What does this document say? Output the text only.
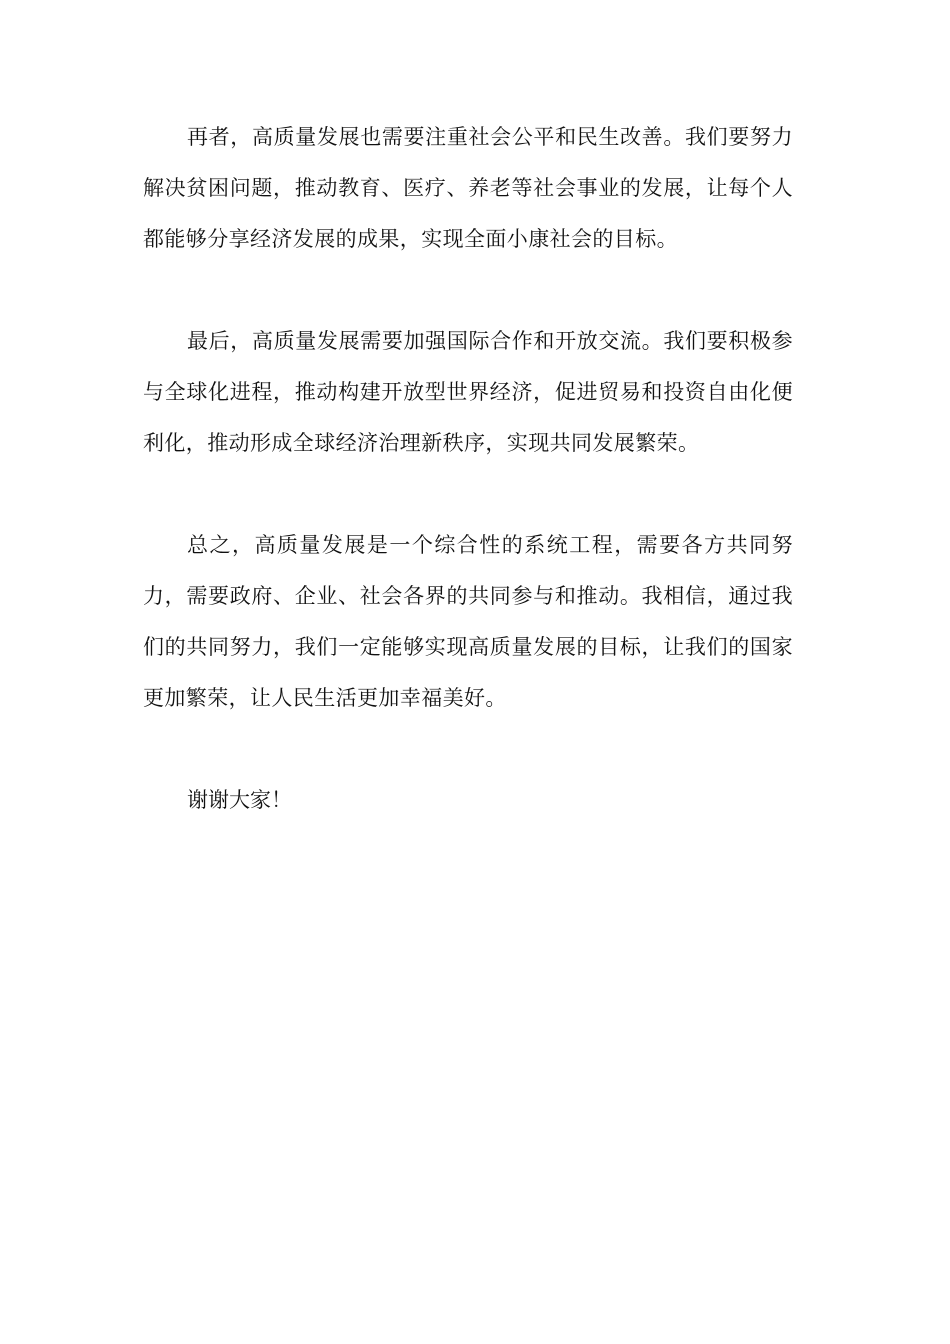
再者，高质量发展也需要注重社会公平和民生改善。我们要努力解决贫困问题，推动教育、医疗、养老等社会事业的发展，让每个人都能够分享经济发展的成果，实现全面小康社会的目标。

最后，高质量发展需要加强国际合作和开放交流。我们要积极参与全球化进程，推动构建开放型世界经济，促进贸易和投资自由化便利化，推动形成全球经济治理新秩序，实现共同发展繁荣。

总之，高质量发展是一个综合性的系统工程，需要各方共同努力，需要政府、企业、社会各界的共同参与和推动。我相信，通过我们的共同努力，我们一定能够实现高质量发展的目标，让我们的国家更加繁荣，让人民生活更加幸福美好。

谢谢大家！
